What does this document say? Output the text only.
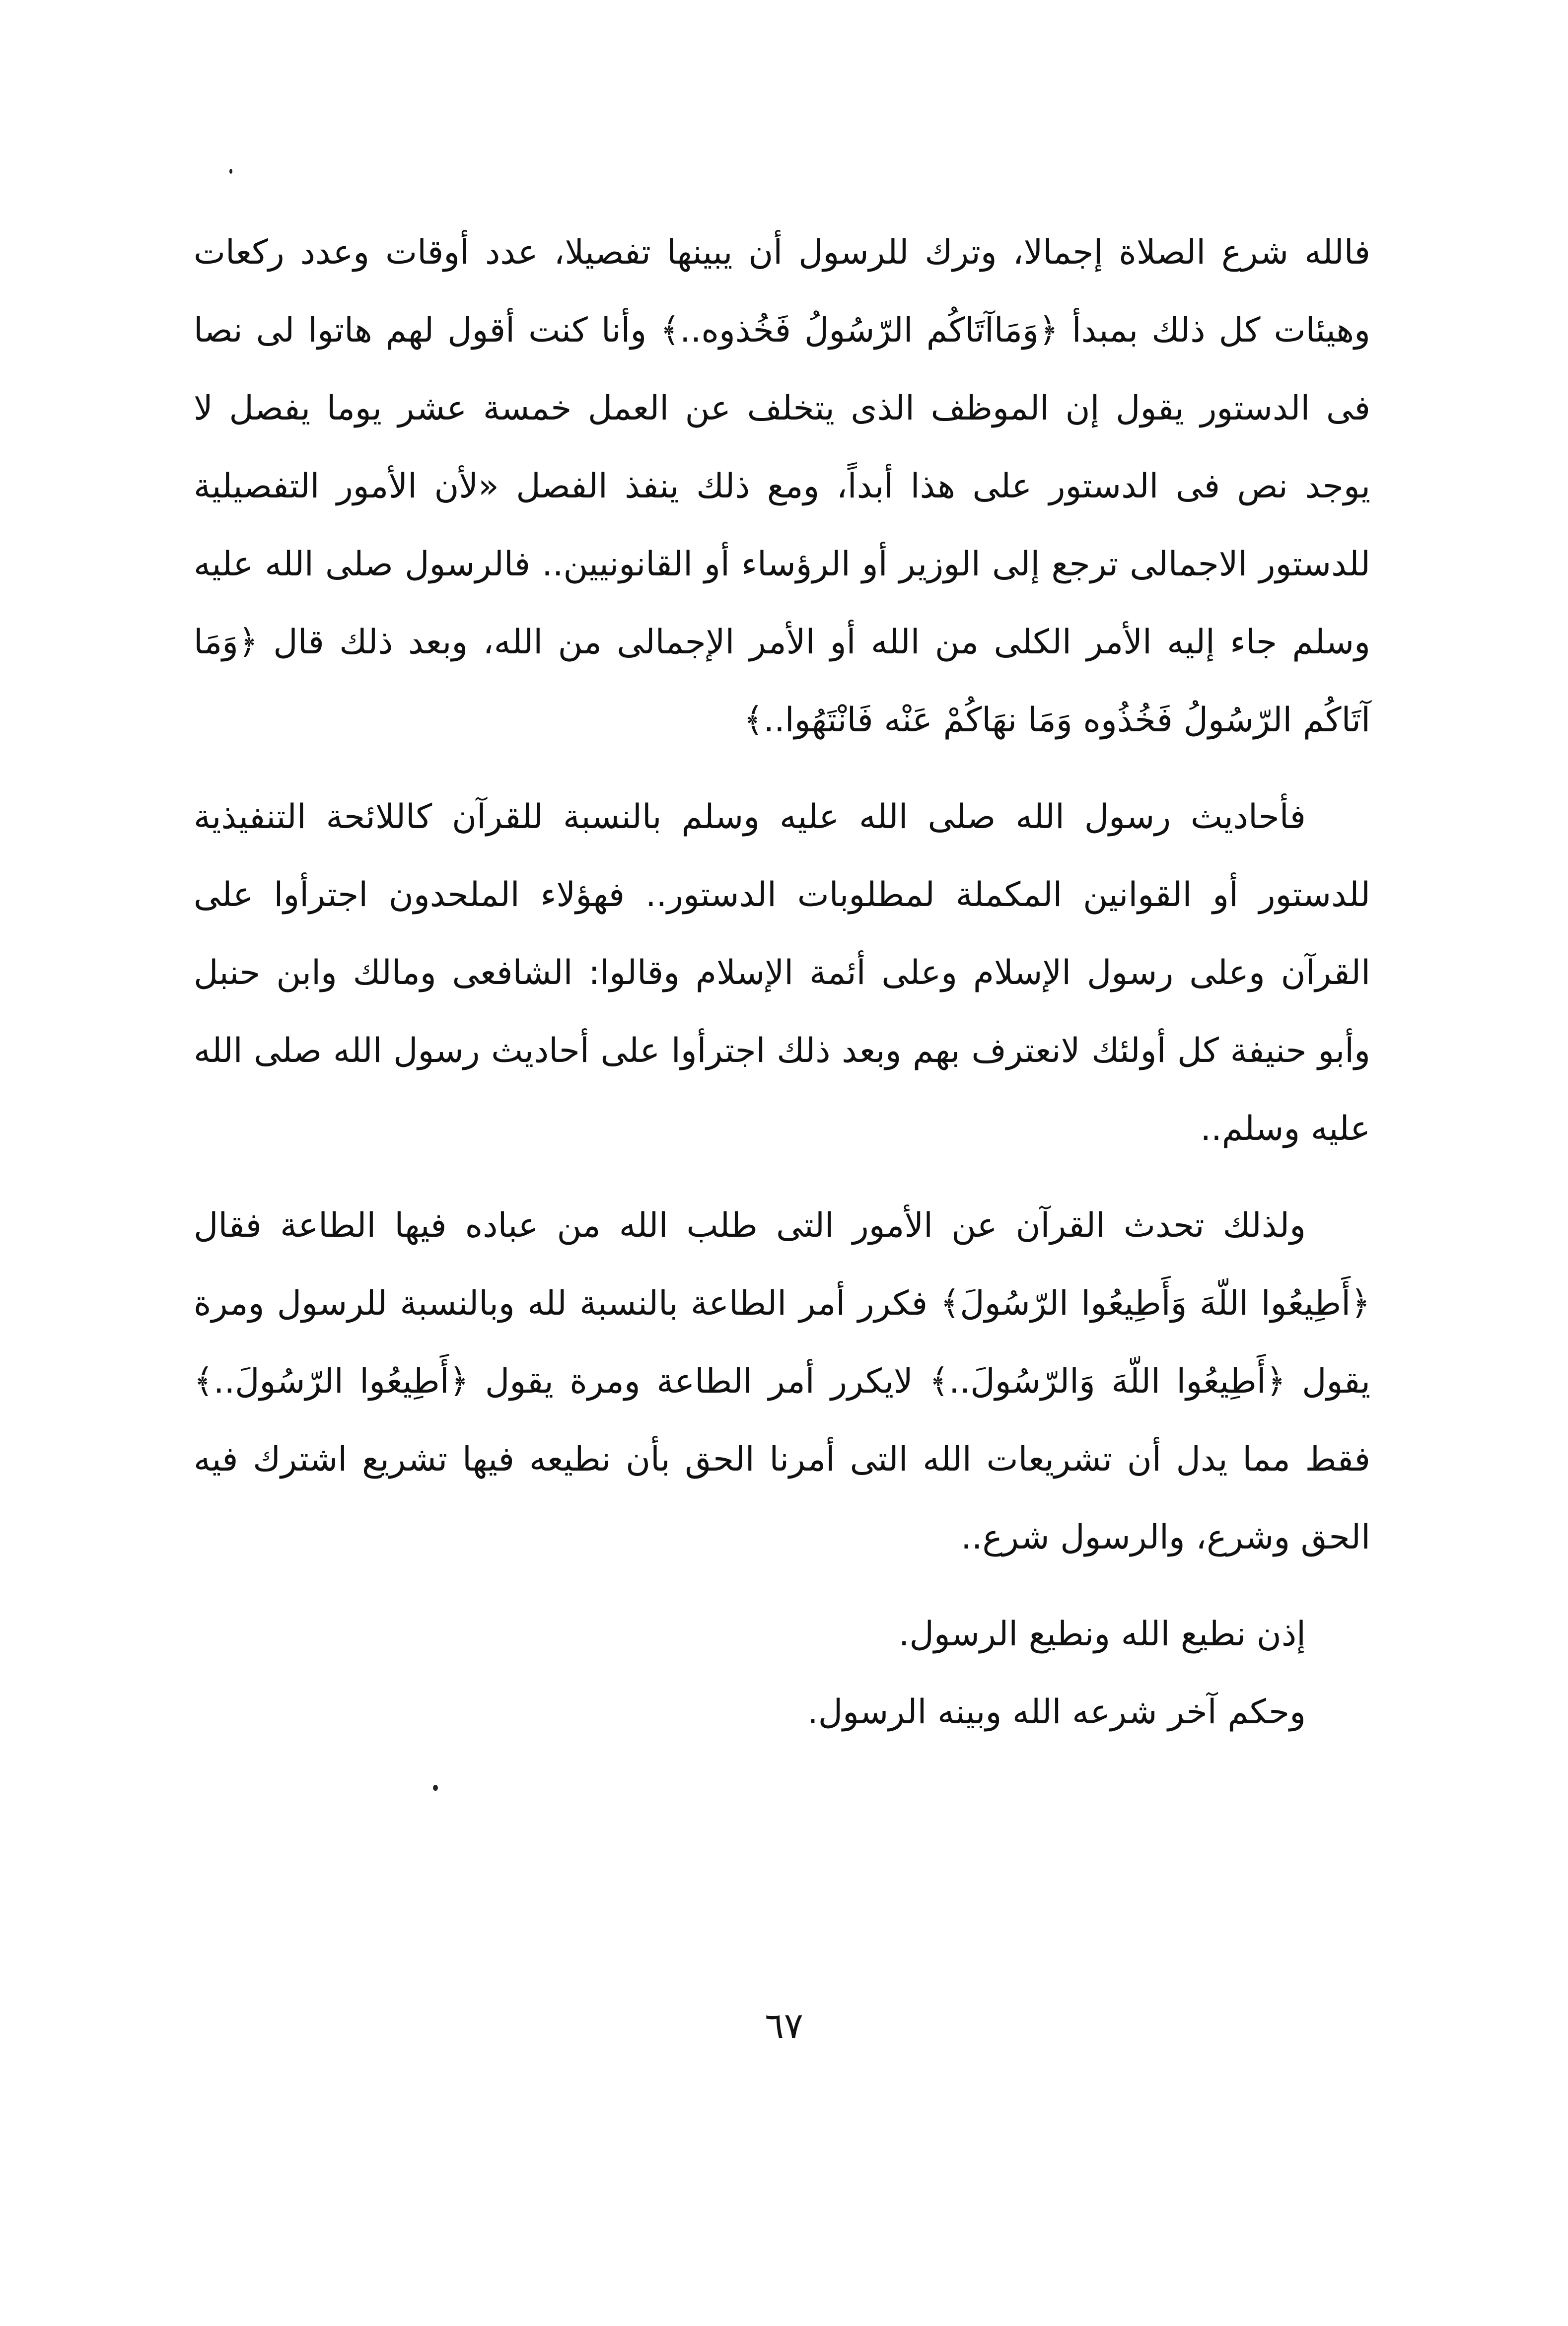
فالله شرع الصلاة إجمالا، وترك للرسول أن يبينها تفصيلا، عدد أوقات وعدد ركعات وهيئات كل ذلك بمبدأ ﴿وَمَاآتَاكُم الرّسُولُ فَخُذوه..﴾ وأنا كنت أقول لهم هاتوا لى نصا فى الدستور يقول إن الموظف الذى يتخلف عن العمل خمسة عشر يوما يفصل لا يوجد نص فى الدستور على هذا أبداً، ومع ذلك ينفذ الفصل «لأن الأمور التفصيلية للدستور الاجمالى ترجع إلى الوزير أو الرؤساء أو القانونيين.. فالرسول صلى الله عليه وسلم جاء إليه الأمر الكلى من الله أو الأمر الإجمالى من الله، وبعد ذلك قال ﴿وَمَا آتَاكُم الرّسُولُ فَخُذُوه وَمَا نهَاكُمْ عَنْه فَانْتَهُوا..﴾

فأحاديث رسول الله صلى الله عليه وسلم بالنسبة للقرآن كاللائحة التنفيذية للدستور أو القوانين المكملة لمطلوبات الدستور.. فهؤلاء الملحدون اجترأوا على القرآن وعلى رسول الإسلام وعلى أئمة الإسلام وقالوا: الشافعى ومالك وابن حنبل وأبو حنيفة كل أولئك لانعترف بهم وبعد ذلك اجترأوا على أحاديث رسول الله صلى الله عليه وسلم..

ولذلك تحدث القرآن عن الأمور التى طلب الله من عباده فيها الطاعة فقال ﴿أَطِيعُوا اللّهَ وَأَطِيعُوا الرّسُولَ﴾ فكرر أمر الطاعة بالنسبة لله وبالنسبة للرسول ومرة يقول ﴿أَطِيعُوا اللّهَ وَالرّسُولَ..﴾ لايكرر أمر الطاعة ومرة يقول ﴿أَطِيعُوا الرّسُولَ..﴾ فقط مما يدل أن تشريعات الله التى أمرنا الحق بأن نطيعه فيها تشريع اشترك فيه الحق وشرع، والرسول شرع..

إذن نطيع الله ونطيع الرسول.

وحكم آخر شرعه الله وبينه الرسول.

٦٧
